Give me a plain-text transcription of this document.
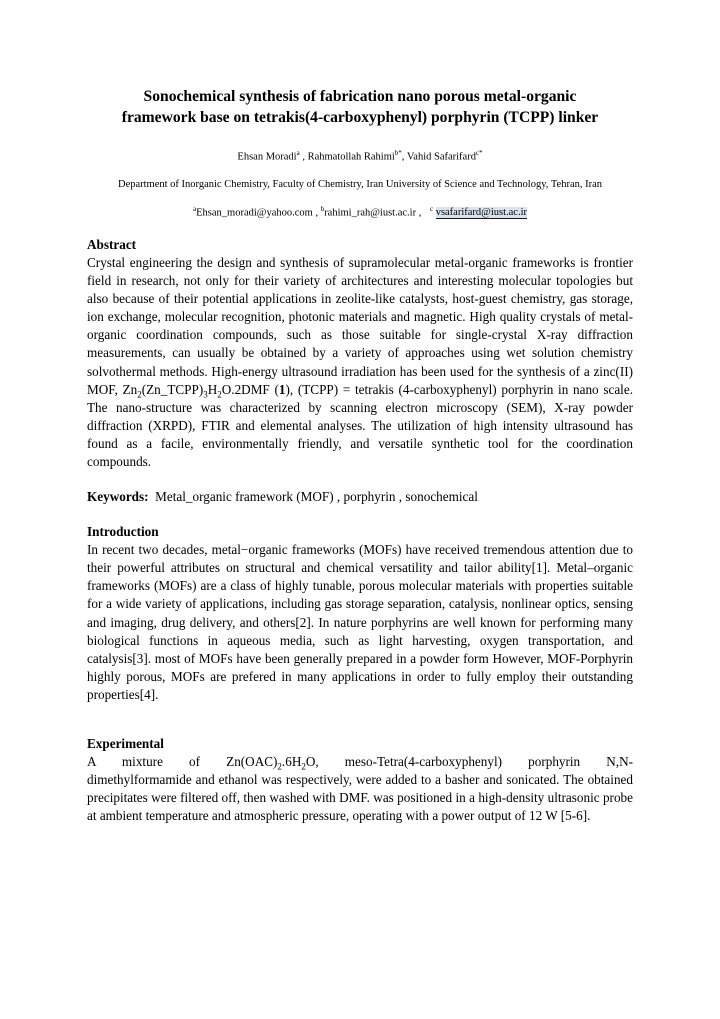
Sonochemical synthesis of fabrication nano porous metal-organic
framework base on tetrakis(4-carboxyphenyl) porphyrin (TCPP) linker
Ehsan Moradi$^a$ , Rahmatollah Rahimi$^{b*}$, Vahid Safarifard$^{c*}$
Department of Inorganic Chemistry, Faculty of Chemistry, Iran University of Science and Technology, Tehran, Iran
$^a$Ehsan_moradi@yahoo.com , $^b$rahimi_rah@iust.ac.ir , $^c$ vsafarifard@iust.ac.ir
Abstract
Crystal engineering the design and synthesis of supramolecular metal-organic frameworks is frontier field in research, not only for their variety of architectures and interesting molecular topologies but also because of their potential applications in zeolite-like catalysts, host-guest chemistry, gas storage, ion exchange, molecular recognition, photonic materials and magnetic. High quality crystals of metal-organic coordination compounds, such as those suitable for single-crystal X-ray diffraction measurements, can usually be obtained by a variety of approaches using wet solution chemistry solvothermal methods. High-energy ultrasound irradiation has been used for the synthesis of a zinc(II) MOF, $Zn_2(Zn\_TCPP)_3H_2O.2DMF$ (1), (TCPP) = tetrakis (4-carboxyphenyl) porphyrin in nano scale. The nano-structure was characterized by scanning electron microscopy (SEM), X-ray powder diffraction (XRPD), FTIR and elemental analyses. The utilization of high intensity ultrasound has found as a facile, environmentally friendly, and versatile synthetic tool for the coordination compounds.
Keywords: Metal_organic framework (MOF) , porphyrin , sonochemical
Introduction
In recent two decades, metal−organic frameworks (MOFs) have received tremendous attention due to their powerful attributes on structural and chemical versatility and tailor ability[1]. Metal–organic frameworks (MOFs) are a class of highly tunable, porous molecular materials with properties suitable for a wide variety of applications, including gas storage separation, catalysis, nonlinear optics, sensing and imaging, drug delivery, and others[2]. In nature porphyrins are well known for performing many biological functions in aqueous media, such as light harvesting, oxygen transportation, and catalysis[3]. most of MOFs have been generally prepared in a powder form However, MOF-Porphyrin highly porous, MOFs are prefered in many applications in order to fully employ their outstanding properties[4].
Experimental
A mixture of $Zn(OAC)_2.6H_2O$, meso-Tetra(4-carboxyphenyl) porphyrin N,N-
dimethylformamide and ethanol was respectively, were added to a basher and sonicated. The obtained precipitates were filtered off, then washed with DMF. was positioned in a high-density ultrasonic probe at ambient temperature and atmospheric pressure, operating with a power output of 12 W [5-6].
